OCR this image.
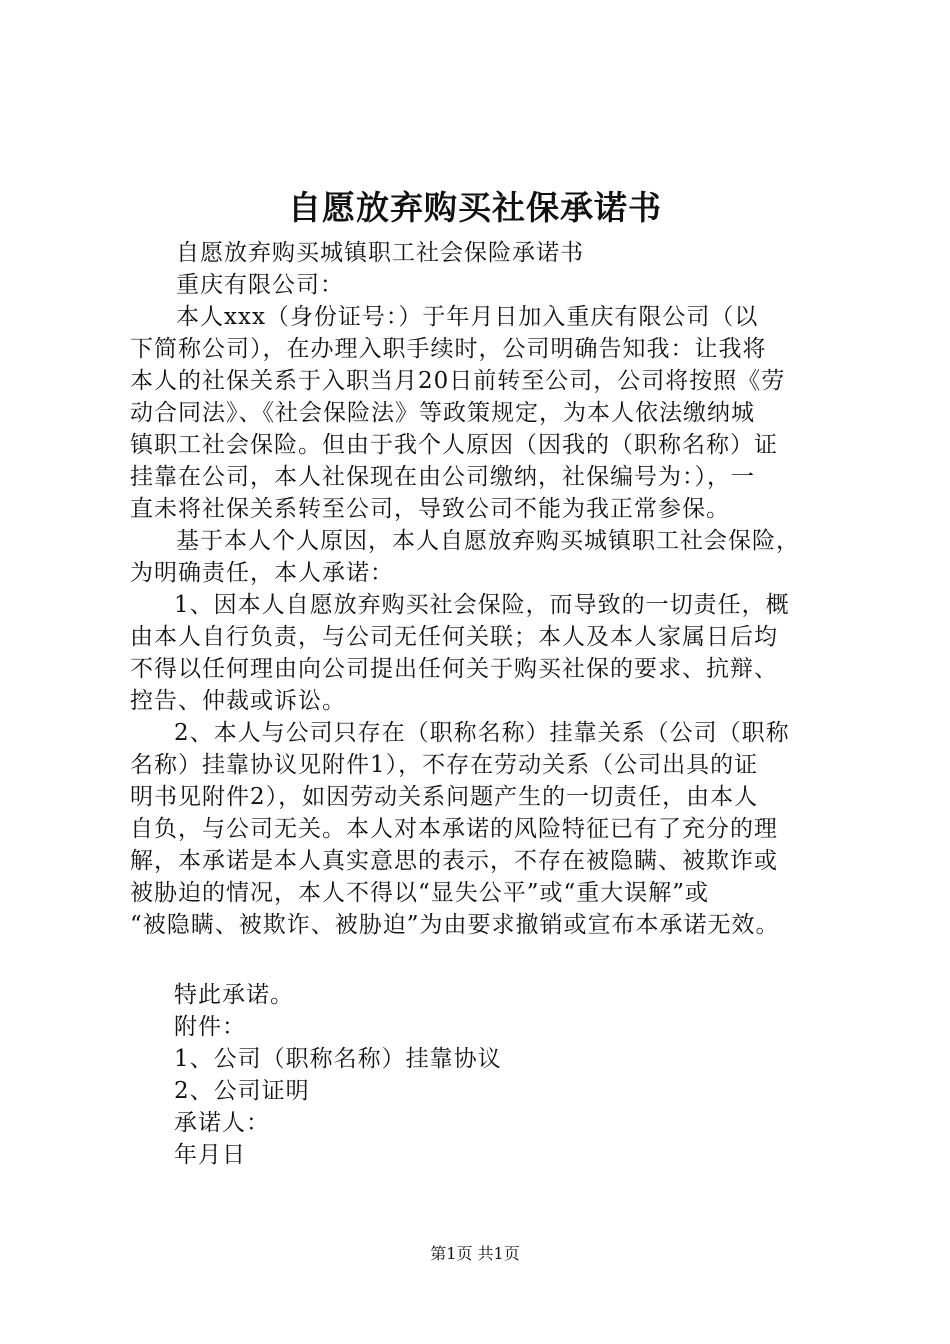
自愿放弃购买社保承诺书
自愿放弃购买城镇职工社会保险承诺书
重庆有限公司：
本人xxx（身份证号：）于年月日加入重庆有限公司（以
下简称公司），在办理入职手续时，公司明确告知我：让我将
本人的社保关系于入职当月20日前转至公司，公司将按照《劳
动合同法》、《社会保险法》等政策规定，为本人依法缴纳城
镇职工社会保险。但由于我个人原因（因我的（职称名称）证
挂靠在公司，本人社保现在由公司缴纳，社保编号为：），一
直未将社保关系转至公司，导致公司不能为我正常参保。
基于本人个人原因，本人自愿放弃购买城镇职工社会保险，
为明确责任，本人承诺：
1、因本人自愿放弃购买社会保险，而导致的一切责任，概
由本人自行负责，与公司无任何关联；本人及本人家属日后均
不得以任何理由向公司提出任何关于购买社保的要求、抗辩、
控告、仲裁或诉讼。
2、本人与公司只存在（职称名称）挂靠关系（公司（职称
名称）挂靠协议见附件1），不存在劳动关系（公司出具的证
明书见附件2），如因劳动关系问题产生的一切责任，由本人
自负，与公司无关。本人对本承诺的风险特征已有了充分的理
解，本承诺是本人真实意思的表示，不存在被隐瞒、被欺诈或
被胁迫的情况，本人不得以“显失公平”或“重大误解”或
“被隐瞒、被欺诈、被胁迫”为由要求撤销或宣布本承诺无效。
特此承诺。
附件：
1、公司（职称名称）挂靠协议
2、公司证明
承诺人：
年月日
第1页 共1页
